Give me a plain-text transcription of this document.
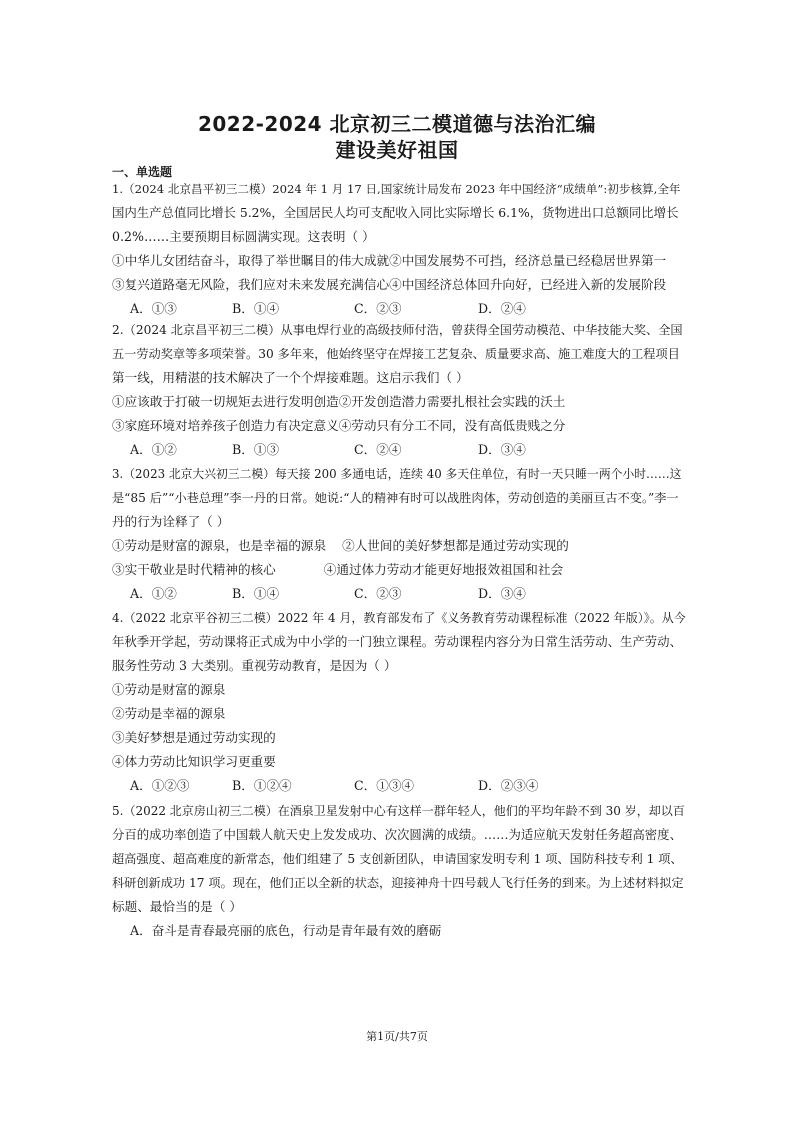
2022-2024 北京初三二模道德与法治汇编
建设美好祖国
一、单选题
1.（2024 北京昌平初三二模）2024 年 1 月 17 日,国家统计局发布 2023 年中国经济“成绩单”:初步核算,全年
国内生产总值同比增长 5.2%，全国居民人均可支配收入同比实际增长 6.1%，货物进出口总额同比增长
0.2%……主要预期目标圆满实现。这表明（ ）
①中华儿女团结奋斗，取得了举世瞩目的伟大成就②中国发展势不可挡，经济总量已经稳居世界第一
③复兴道路毫无风险，我们应对未来发展充满信心④中国经济总体回升向好，已经进入新的发展阶段
A．①③	B．①④	C．②③	D．②④
2.（2024 北京昌平初三二模）从事电焊行业的高级技师付浩，曾获得全国劳动模范、中华技能大奖、全国
五一劳动奖章等多项荣誉。30 多年来，他始终坚守在焊接工艺复杂、质量要求高、施工难度大的工程项目
第一线，用精湛的技术解决了一个个焊接难题。这启示我们（ ）
①应该敢于打破一切规矩去进行发明创造②开发创造潜力需要扎根社会实践的沃土
③家庭环境对培养孩子创造力有决定意义④劳动只有分工不同，没有高低贵贱之分
A．①②	B．①③	C．②④	D．③④
3.（2023 北京大兴初三二模）每天接 200 多通电话，连续 40 多天住单位，有时一天只睡一两个小时……这
是“85 后”“小巷总理”李一丹的日常。她说:“人的精神有时可以战胜肉体，劳动创造的美丽亘古不变。”李一
丹的行为诠释了（ ）
①劳动是财富的源泉，也是幸福的源泉    ②人世间的美好梦想都是通过劳动实现的
③实干敬业是时代精神的核心            ④通过体力劳动才能更好地报效祖国和社会
A．①②	B．①④	C．②③	D．③④
4.（2022 北京平谷初三二模）2022 年 4 月，教育部发布了《义务教育劳动课程标准（2022 年版）》。从今
年秋季开学起，劳动课将正式成为中小学的一门独立课程。劳动课程内容分为日常生活劳动、生产劳动、
服务性劳动 3 大类别。重视劳动教育，是因为（ ）
①劳动是财富的源泉
②劳动是幸福的源泉
③美好梦想是通过劳动实现的
④体力劳动比知识学习更重要
A．①②③	B．①②④	C．①③④	D．②③④
5.（2022 北京房山初三二模）在酒泉卫星发射中心有这样一群年轻人，他们的平均年龄不到 30 岁，却以百
分百的成功率创造了中国载人航天史上发发成功、次次圆满的成绩。……为适应航天发射任务超高密度、
超高强度、超高难度的新常态，他们组建了 5 支创新团队，申请国家发明专利 1 项、国防科技专利 1 项、
科研创新成功 17 项。现在，他们正以全新的状态，迎接神舟十四号载人飞行任务的到来。为上述材料拟定
标题、最恰当的是（ ）
A．奋斗是青春最亮丽的底色，行动是青年最有效的磨砺
第1页/共7页
